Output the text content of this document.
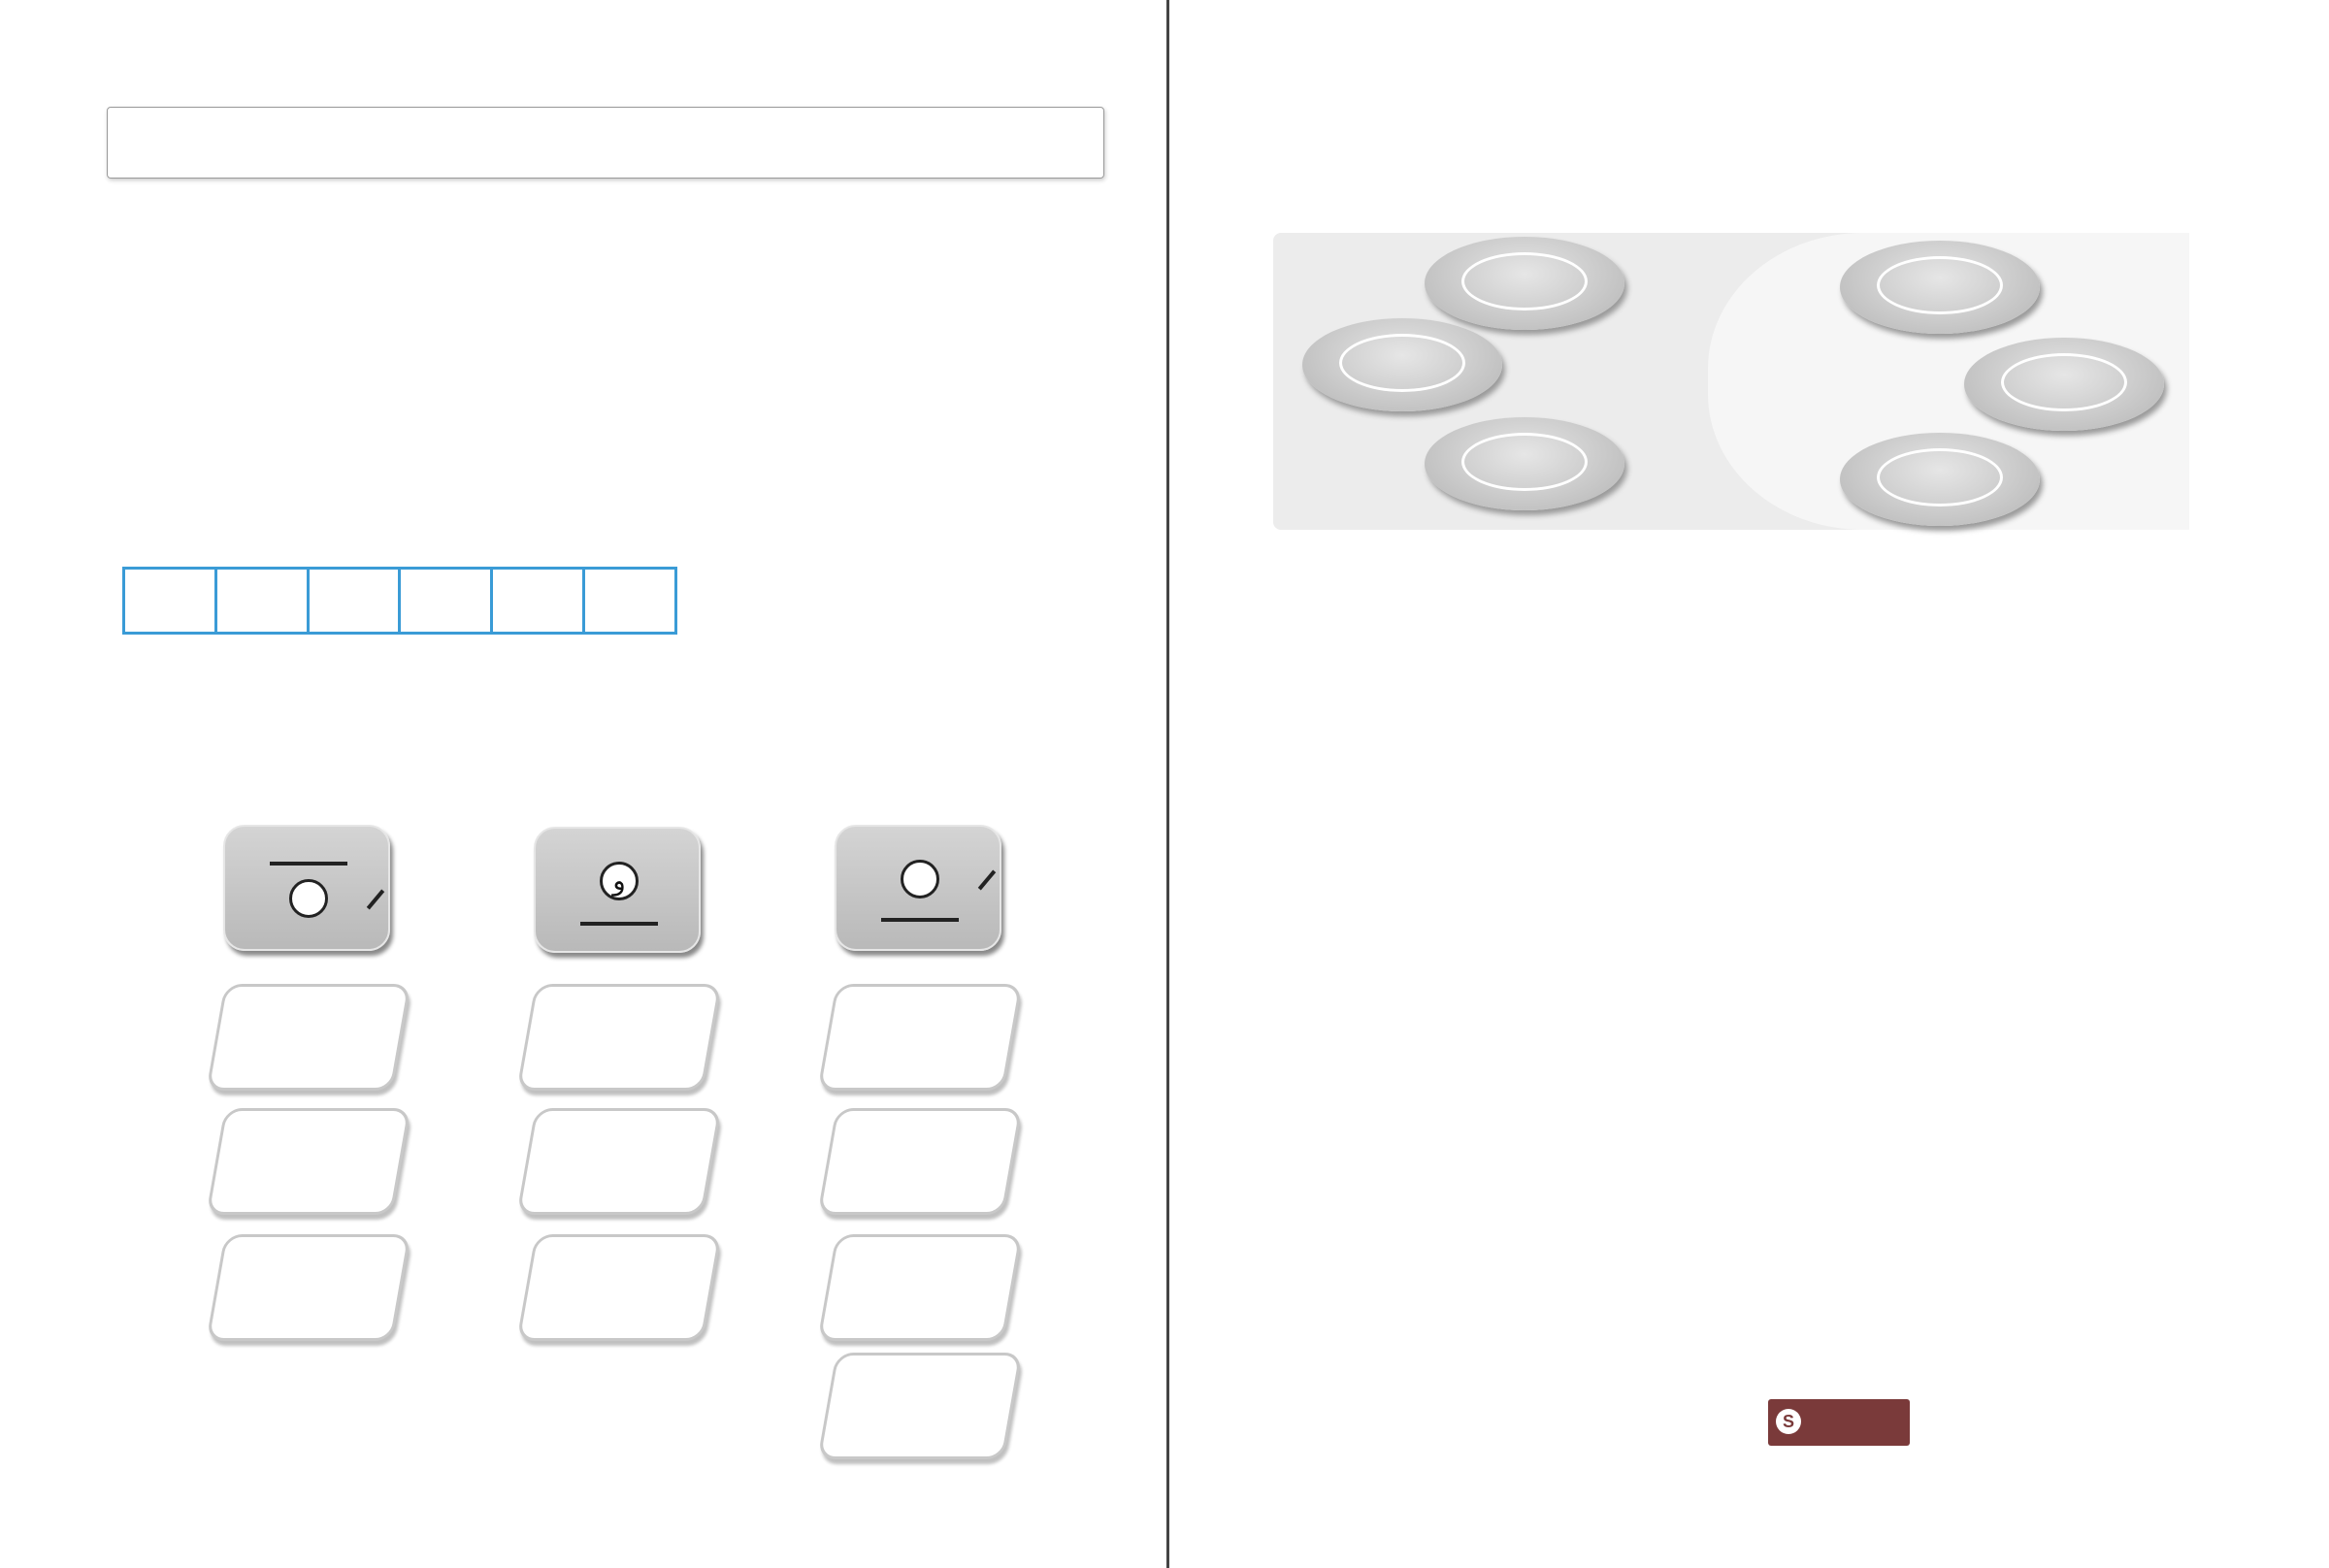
و

S
